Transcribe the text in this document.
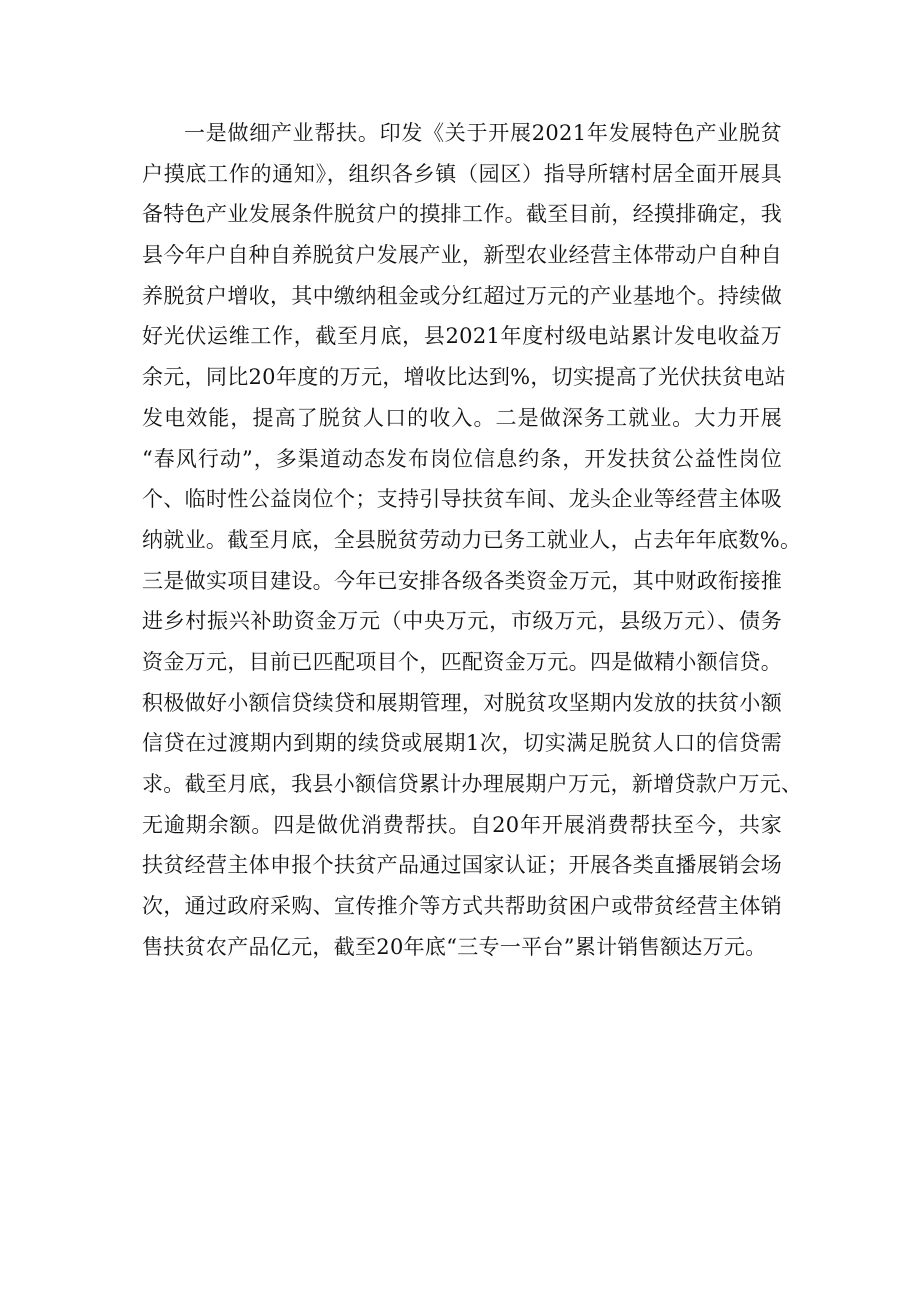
一是做细产业帮扶。印发《关于开展2021年发展特色产业脱贫
户摸底工作的通知》，组织各乡镇（园区）指导所辖村居全面开展具
备特色产业发展条件脱贫户的摸排工作。截至目前，经摸排确定，我
县今年户自种自养脱贫户发展产业，新型农业经营主体带动户自种自
养脱贫户增收，其中缴纳租金或分红超过万元的产业基地个。持续做
好光伏运维工作，截至月底，县2021年度村级电站累计发电收益万
余元，同比20年度的万元，增收比达到%，切实提高了光伏扶贫电站
发电效能，提高了脱贫人口的收入。二是做深务工就业。大力开展
“春风行动”，多渠道动态发布岗位信息约条，开发扶贫公益性岗位
个、临时性公益岗位个；支持引导扶贫车间、龙头企业等经营主体吸
纳就业。截至月底，全县脱贫劳动力已务工就业人，占去年年底数%。
三是做实项目建设。今年已安排各级各类资金万元，其中财政衔接推
进乡村振兴补助资金万元（中央万元，市级万元，县级万元）、债务
资金万元，目前已匹配项目个，匹配资金万元。四是做精小额信贷。
积极做好小额信贷续贷和展期管理，对脱贫攻坚期内发放的扶贫小额
信贷在过渡期内到期的续贷或展期1次，切实满足脱贫人口的信贷需
求。截至月底，我县小额信贷累计办理展期户万元，新增贷款户万元、
无逾期余额。四是做优消费帮扶。自20年开展消费帮扶至今，共家
扶贫经营主体申报个扶贫产品通过国家认证；开展各类直播展销会场
次，通过政府采购、宣传推介等方式共帮助贫困户或带贫经营主体销
售扶贫农产品亿元，截至20年底“三专一平台”累计销售额达万元。
